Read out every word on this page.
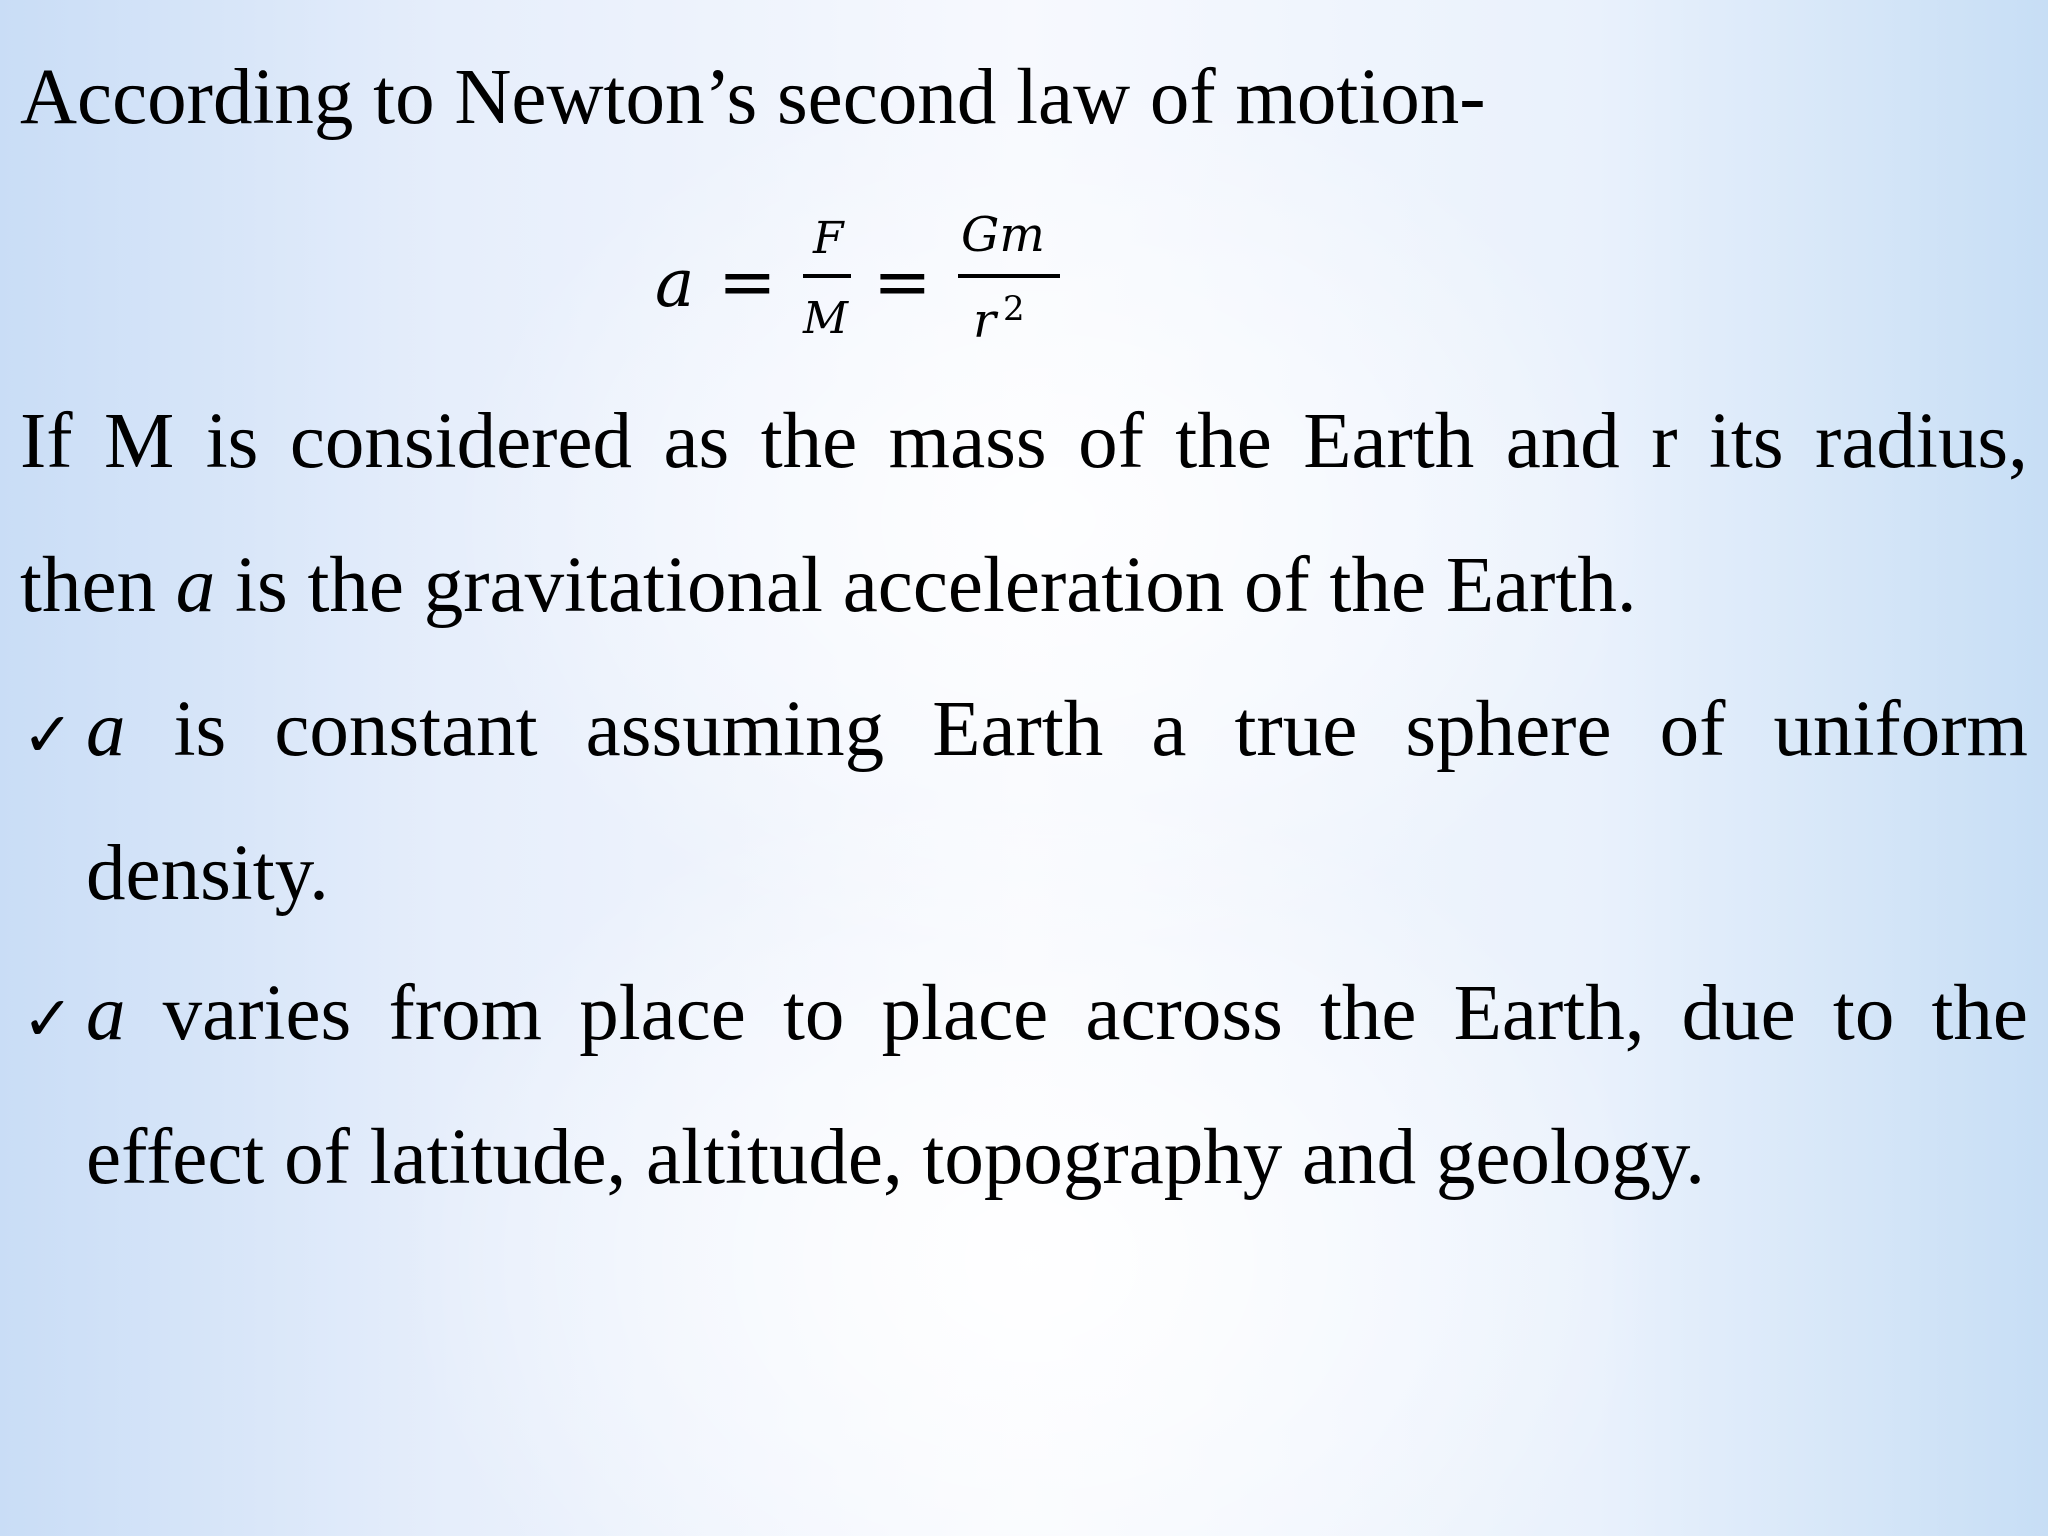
According to Newton’s second law of motion-
a =
F
M =
Gm
r 2
If M is considered as the mass of the Earth and r its radius,
then a is the gravitational acceleration of the Earth.
✓ a is constant assuming Earth a true sphere of uniform
density.
✓ a varies from place to place across the Earth, due to the
effect of latitude, altitude, topography and geology.
